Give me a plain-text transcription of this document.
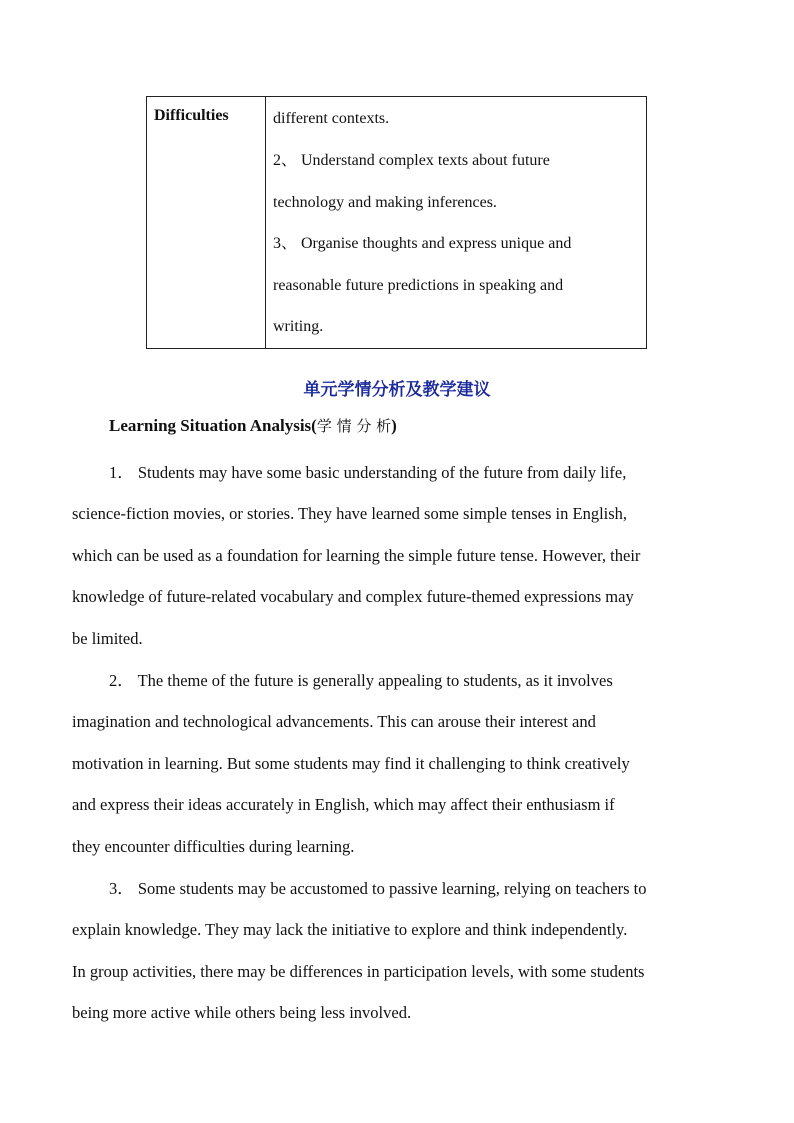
Difficulties	different contexts.
2、 Understand complex texts about future
technology and making inferences.
3、 Organise thoughts and express unique and
reasonable future predictions in speaking and
writing.
单元学情分析及教学建议
Learning Situation Analysis(学 情 分 析)
1． Students may have some basic understanding of the future from daily life,
science-fiction movies, or stories. They have learned some simple tenses in English,
which can be used as a foundation for learning the simple future tense. However, their
knowledge of future-related vocabulary and complex future-themed expressions may
be limited.
2． The theme of the future is generally appealing to students, as it involves
imagination and technological advancements. This can arouse their interest and
motivation in learning. But some students may find it challenging to think creatively
and express their ideas accurately in English, which may affect their enthusiasm if
they encounter difficulties during learning.
3． Some students may be accustomed to passive learning, relying on teachers to
explain knowledge. They may lack the initiative to explore and think independently.
In group activities, there may be differences in participation levels, with some students
being more active while others being less involved.
